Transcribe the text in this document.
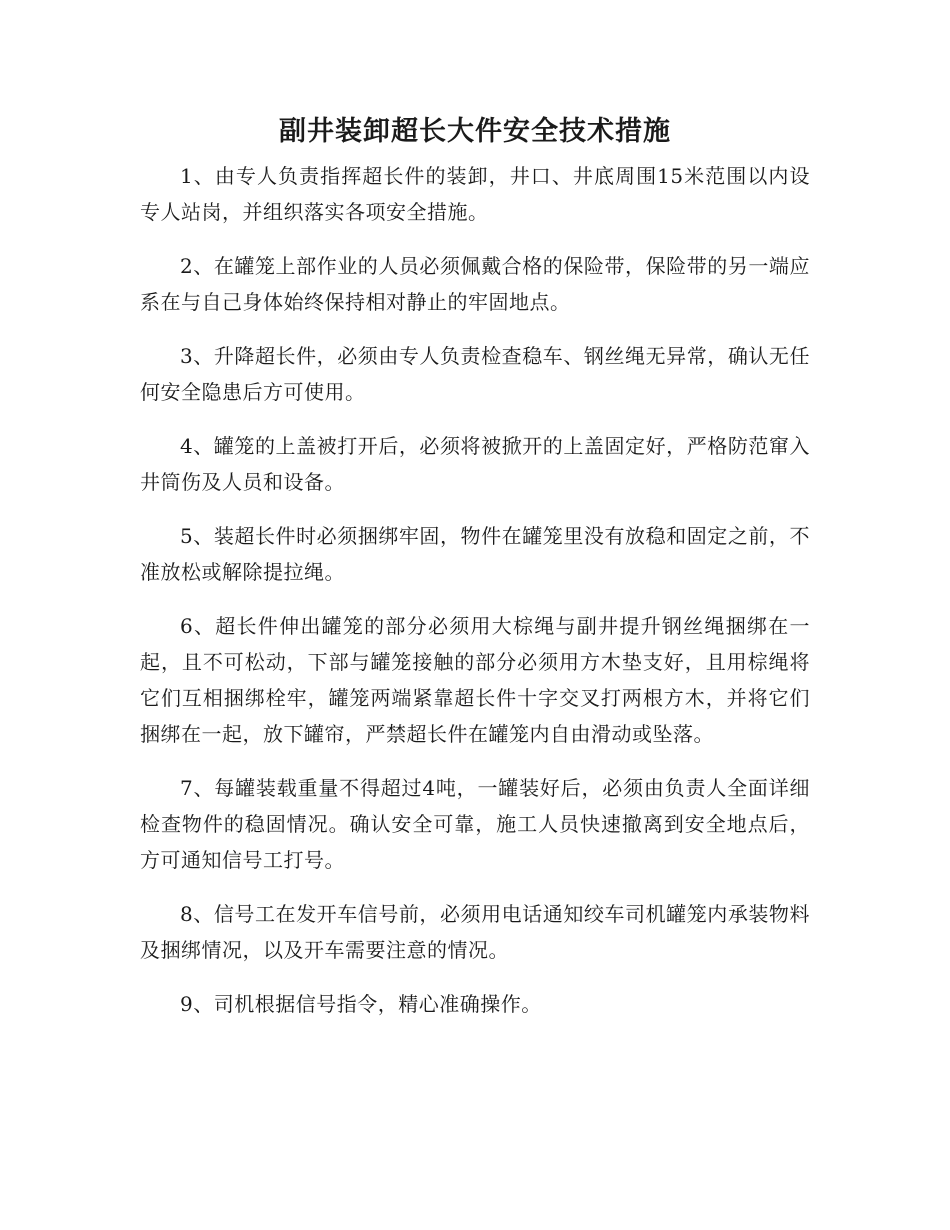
副井装卸超长大件安全技术措施

1、由专人负责指挥超长件的装卸，井口、井底周围15米范围以内设专人站岗，并组织落实各项安全措施。

2、在罐笼上部作业的人员必须佩戴合格的保险带，保险带的另一端应系在与自己身体始终保持相对静止的牢固地点。

3、升降超长件，必须由专人负责检查稳车、钢丝绳无异常，确认无任何安全隐患后方可使用。

4、罐笼的上盖被打开后，必须将被掀开的上盖固定好，严格防范窜入井筒伤及人员和设备。

5、装超长件时必须捆绑牢固，物件在罐笼里没有放稳和固定之前，不准放松或解除提拉绳。

6、超长件伸出罐笼的部分必须用大棕绳与副井提升钢丝绳捆绑在一起，且不可松动，下部与罐笼接触的部分必须用方木垫支好，且用棕绳将它们互相捆绑栓牢，罐笼两端紧靠超长件十字交叉打两根方木，并将它们捆绑在一起，放下罐帘，严禁超长件在罐笼内自由滑动或坠落。

7、每罐装载重量不得超过4吨，一罐装好后，必须由负责人全面详细检查物件的稳固情况。确认安全可靠，施工人员快速撤离到安全地点后，方可通知信号工打号。

8、信号工在发开车信号前，必须用电话通知绞车司机罐笼内承装物料及捆绑情况，以及开车需要注意的情况。

9、司机根据信号指令，精心准确操作。
